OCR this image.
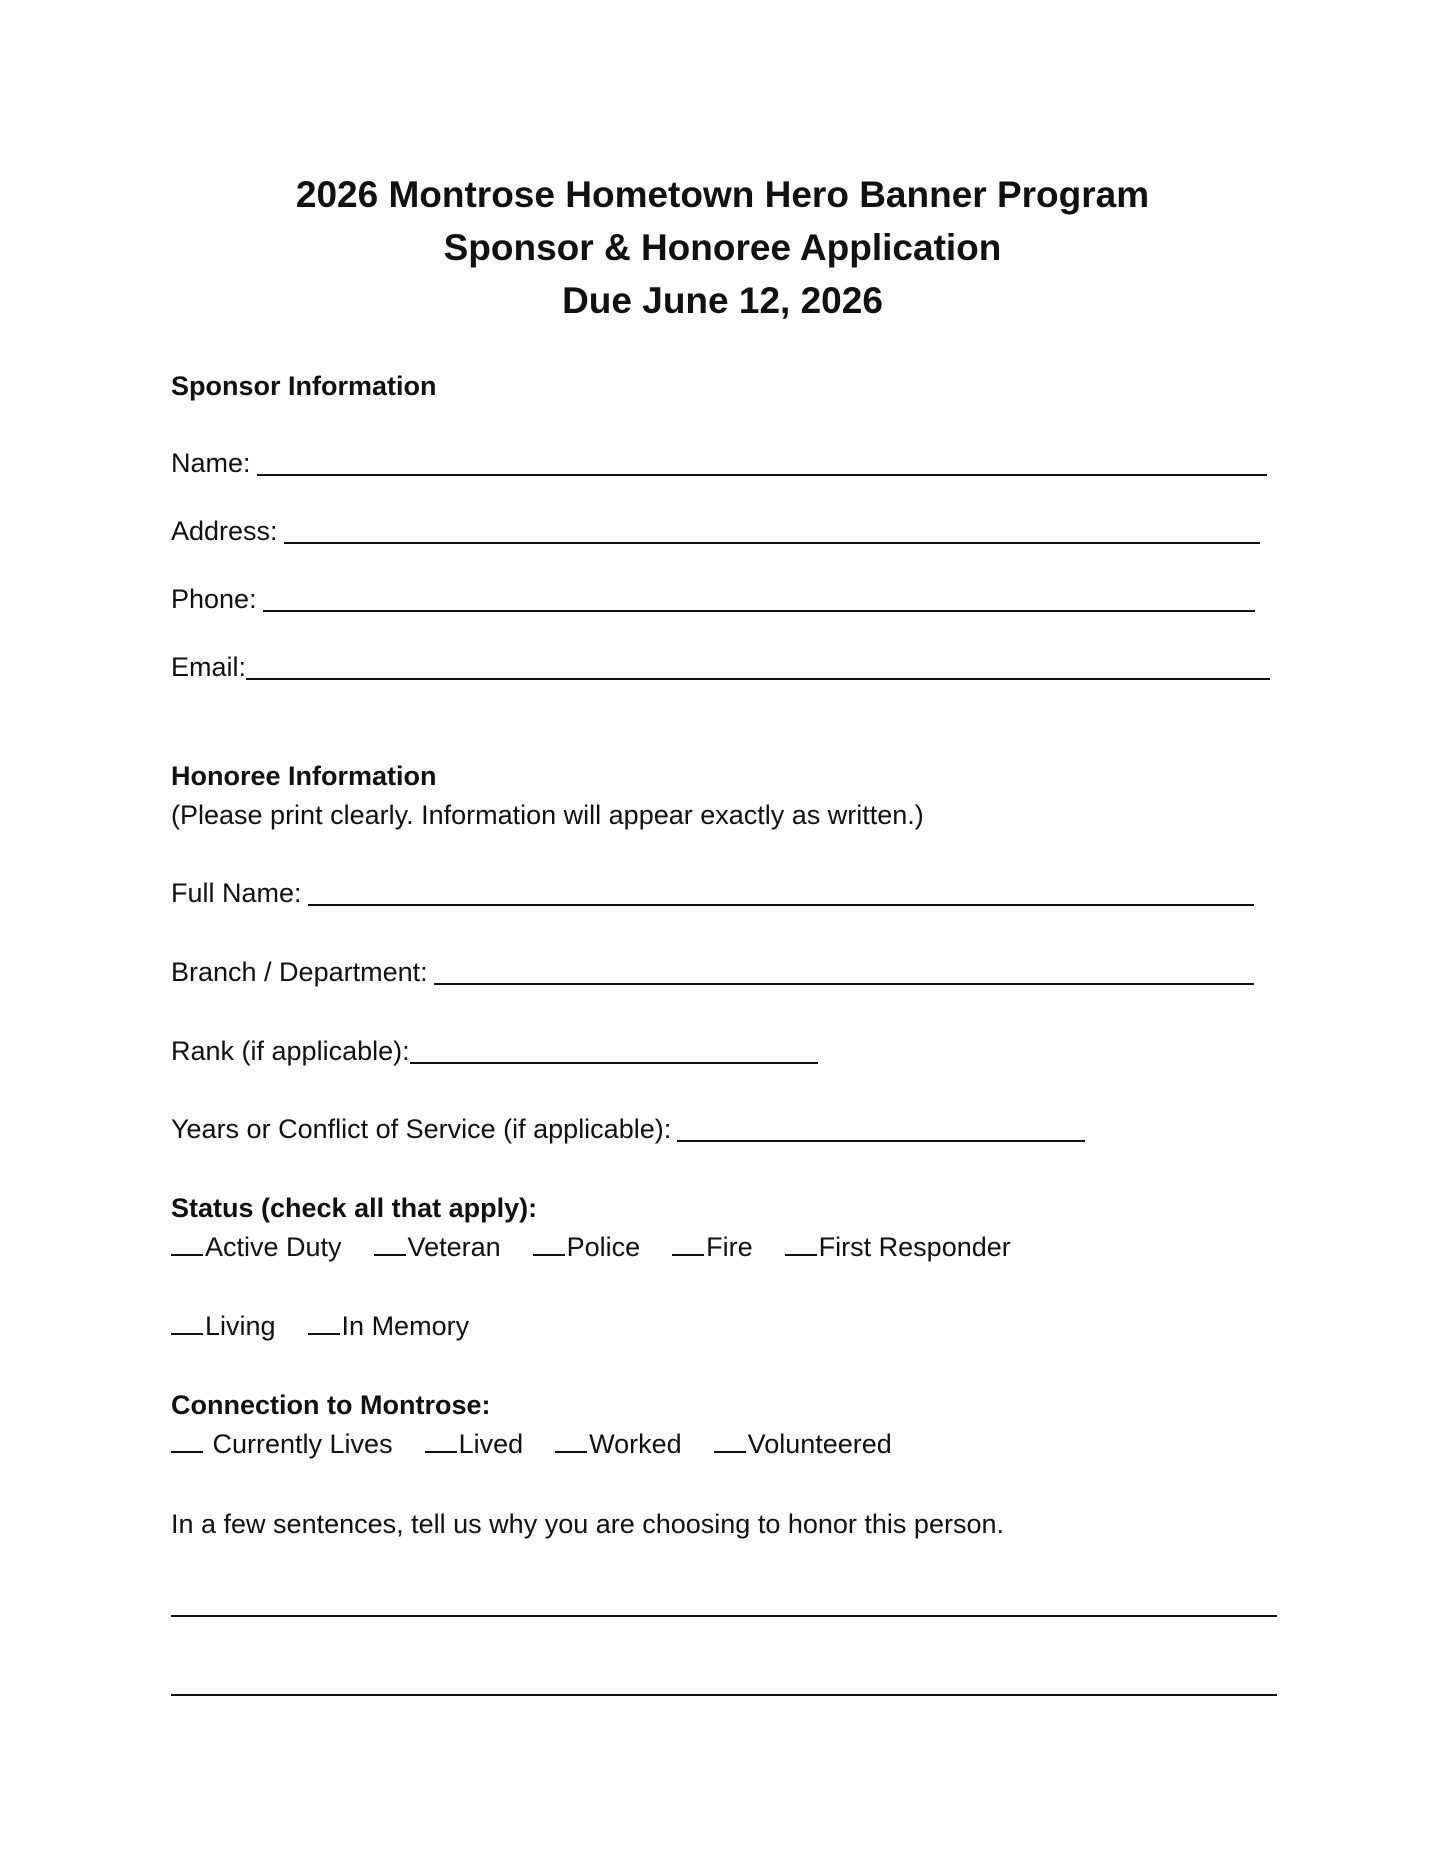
2026 Montrose Hometown Hero Banner Program

Sponsor & Honoree Application

Due June 12, 2026

Sponsor Information

Name:
Address:
Phone:
Email:

Honoree Information

(Please print clearly. Information will appear exactly as written.)

Full Name:
Branch / Department:
Rank (if applicable):
Years or Conflict of Service (if applicable):

Status (check all that apply):

Active Duty	Veteran	Police	Fire	First Responder
Living	In Memory

Connection to Montrose:

Currently Lives	Lived	Worked	Volunteered

In a few sentences, tell us why you are choosing to honor this person.
